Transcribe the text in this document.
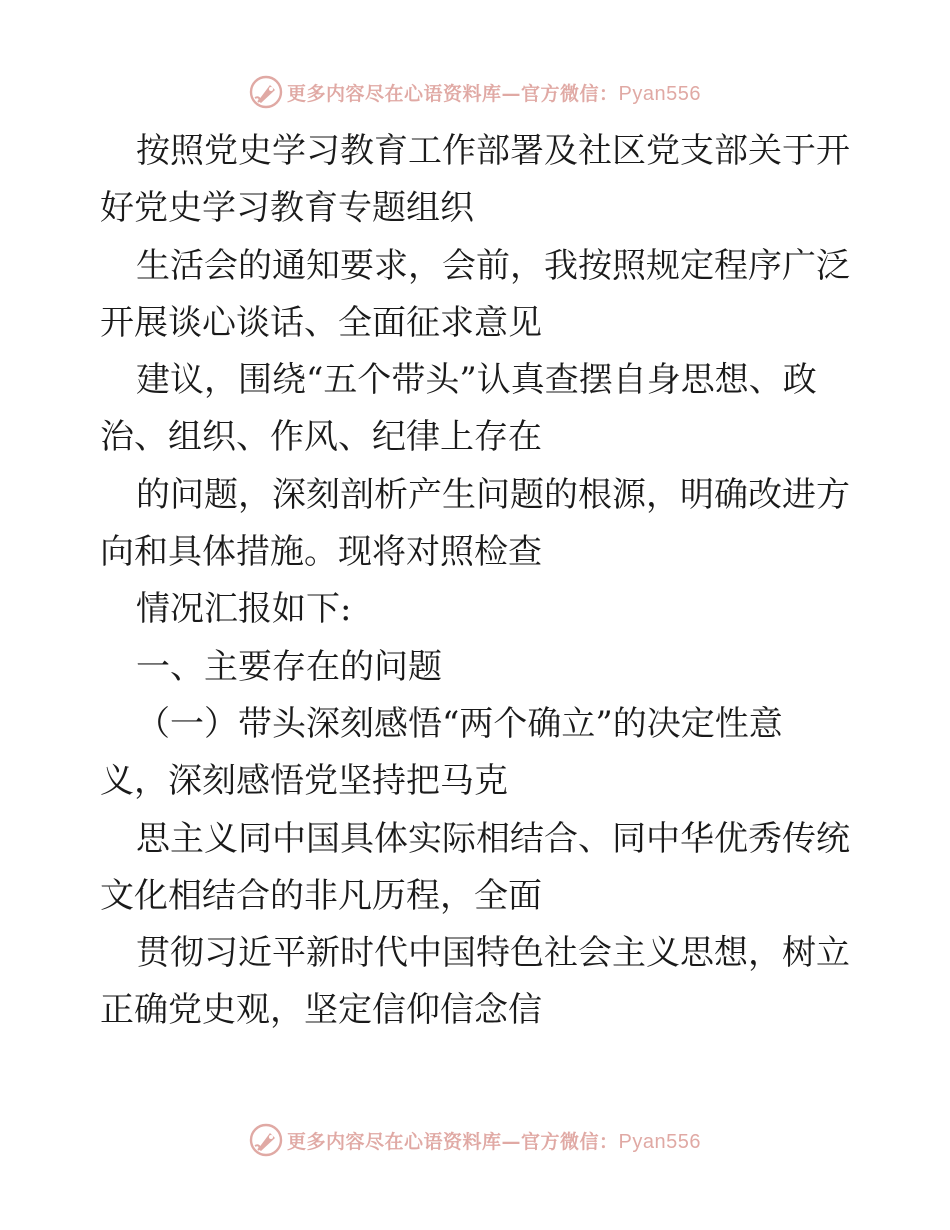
更多内容尽在心语资料库—官方微信：Pyan556
按照党史学习教育工作部署及社区党支部关于开
好党史学习教育专题组织
生活会的通知要求，会前，我按照规定程序广泛
开展谈心谈话、全面征求意见
建议，围绕“五个带头”认真查摆自身思想、政
治、组织、作风、纪律上存在
的问题，深刻剖析产生问题的根源，明确改进方
向和具体措施。现将对照检查
情况汇报如下:
一、主要存在的问题
（一）带头深刻感悟“两个确立”的决定性意
义，深刻感悟党坚持把马克
思主义同中国具体实际相结合、同中华优秀传统
文化相结合的非凡历程，全面
贯彻习近平新时代中国特色社会主义思想，树立
正确党史观，坚定信仰信念信
更多内容尽在心语资料库—官方微信：Pyan556
